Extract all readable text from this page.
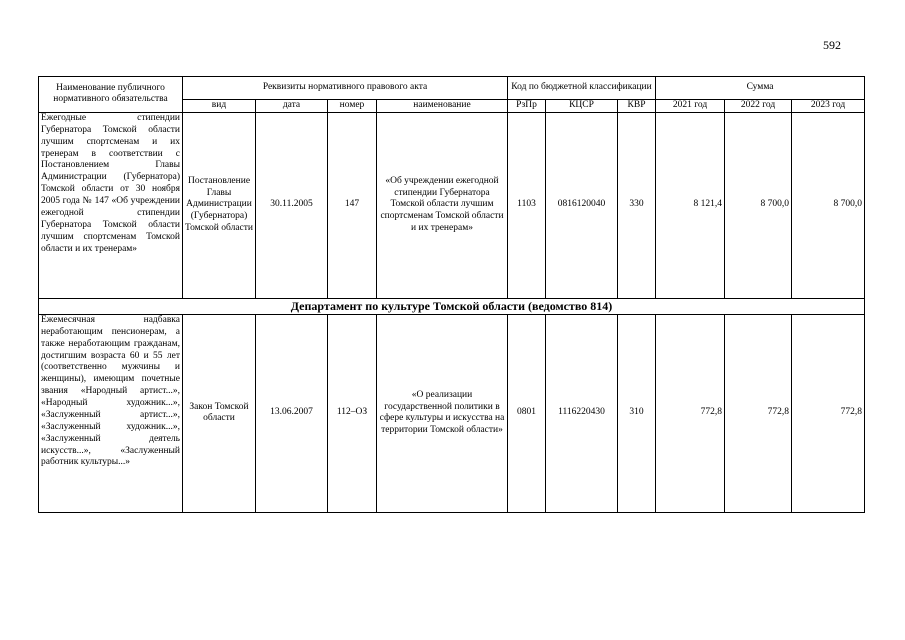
592
Наименование публичного нормативного обязательства	Реквизиты нормативного правового акта				Код по бюджетной классификации			Сумма		
	вид	дата	номер	наименование	РзПр	КЦСР	КВР	2021 год	2022 год	2023 год
Ежегодные стипендии Губернатора Томской области лучшим спортсменам и их тренерам в соответствии с Постановлением Главы Администрации (Губернатора) Томской области от 30 ноября 2005 года № 147 «Об учреждении ежегодной стипендии Губернатора Томской области лучшим спортсменам Томской области и их тренерам»	Постановление Главы Администрации (Губернатора) Томской области	30.11.2005	147	«Об учреждении ежегодной стипендии Губернатора Томской области лучшим спортсменам Томской области и их тренерам»	1103	0816120040	330	8 121,4	8 700,0	8 700,0
Департамент по культуре Томской области (ведомство 814)										
Ежемесячная надбавка неработающим пенсионерам, а также неработающим гражданам, достигшим возраста 60 и 55 лет (соответственно мужчины и женщины), имеющим почетные звания «Народный артист...», «Народный художник...», «Заслуженный артист...», «Заслуженный художник...», «Заслуженный деятель искусств...», «Заслуженный работник культуры...»	Закон Томской области	13.06.2007	112–ОЗ	«О реализации государственной политики в сфере культуры и искусства на территории Томской области»	0801	1116220430	310	772,8	772,8	772,8
